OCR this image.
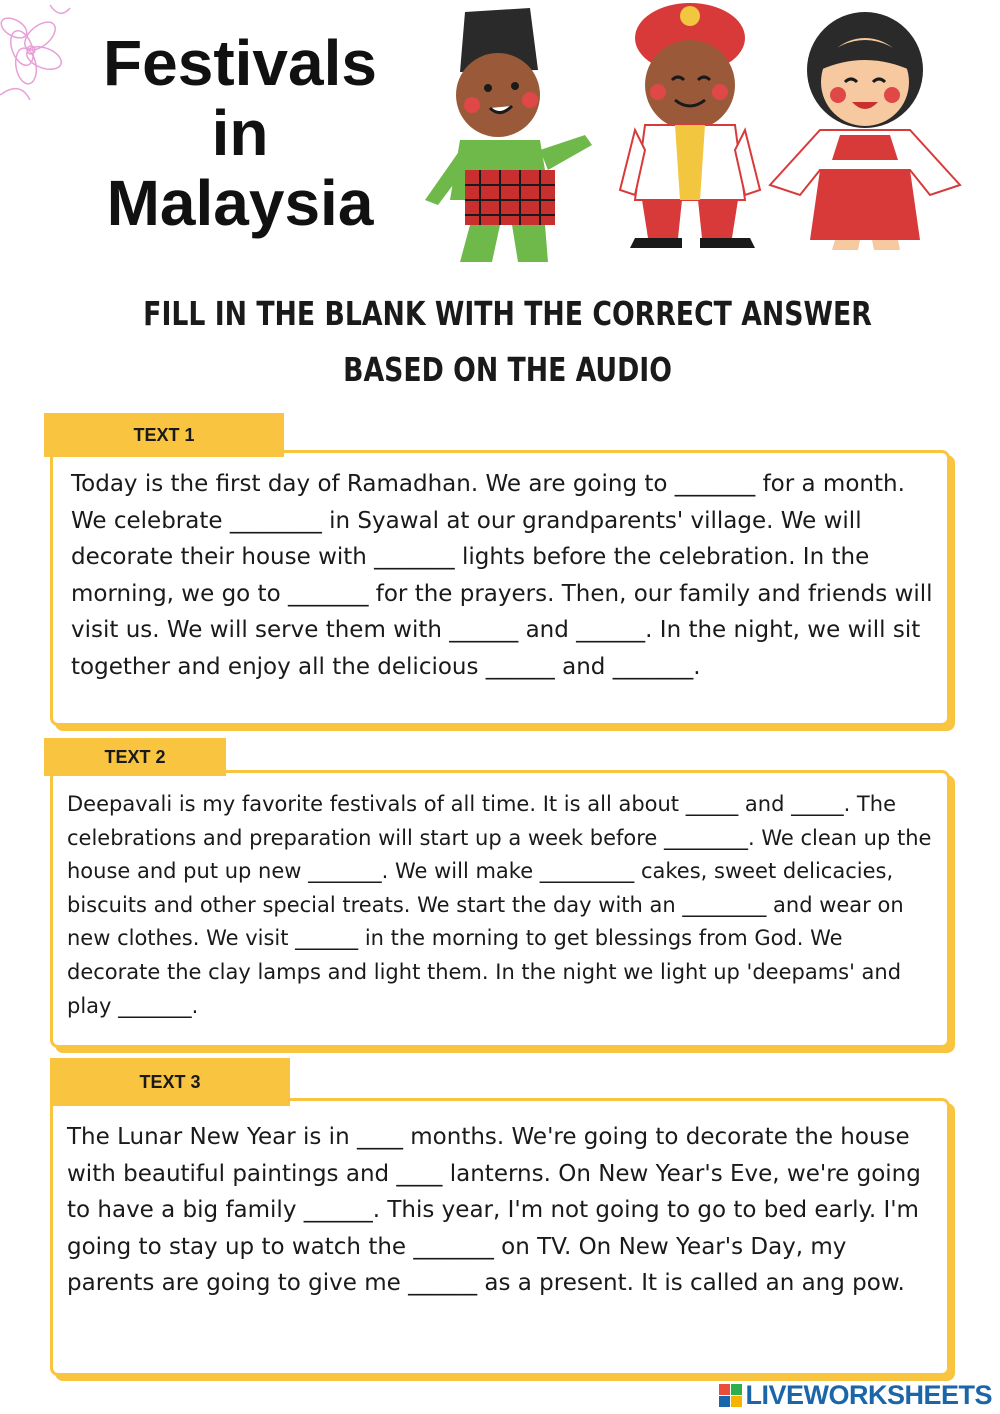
Festivals
in
Malaysia
FILL IN THE BLANK WITH THE CORRECT ANSWER BASED ON THE AUDIO

Today is the first day of Ramadhan. We are going to _______ for a month. We celebrate ________ in Syawal at our grandparents' village. We will decorate their house with _______ lights before the celebration. In the morning, we go to _______ for the prayers. Then, our family and friends will visit us. We will serve them with ______ and ______. In the night, we will sit together and enjoy all the delicious ______ and _______.

TEXT 1

Deepavali is my favorite festivals of all time. It is all about _____ and _____. The celebrations and preparation will start up a week before ________. We clean up the house and put up new _______. We will make _________ cakes, sweet delicacies, biscuits and other special treats. We start the day with an ________ and wear on new clothes. We visit ______ in the morning to get blessings from God. We decorate the clay lamps and light them. In the night we light up 'deepams' and play _______.

TEXT 2

The Lunar New Year is in ____ months. We're going to decorate the house with beautiful paintings and ____ lanterns. On New Year's Eve, we're going to have a big family ______. This year, I'm not going to go to bed early. I'm going to stay up to watch the _______ on TV. On New Year's Day, my parents are going to give me ______ as a present. It is called an ang pow.

TEXT 3
LIVEWORKSHEETS
